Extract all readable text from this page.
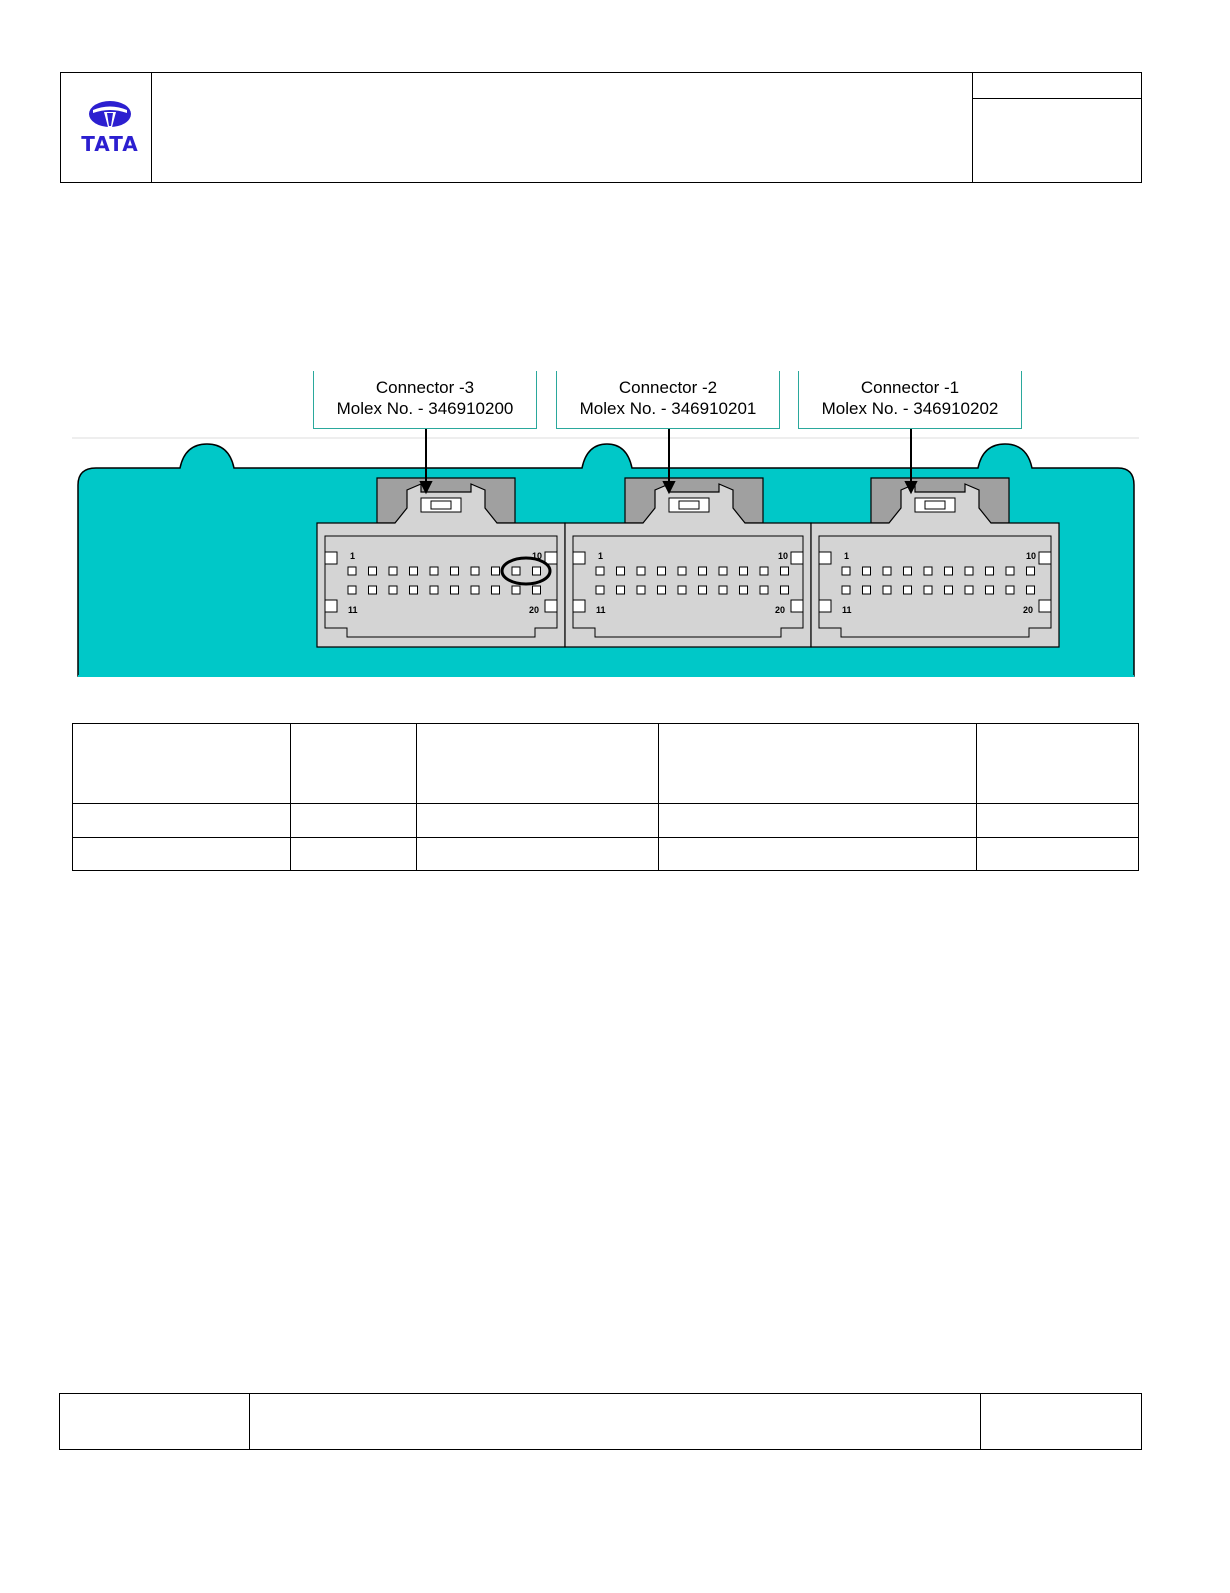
TATA
Connector -3
Molex No. - 346910200
Connector -2
Molex No. - 346910201
Connector -1
Molex No. - 346910202
1	10
11	20
1	10
11	20
1	10
11	20
